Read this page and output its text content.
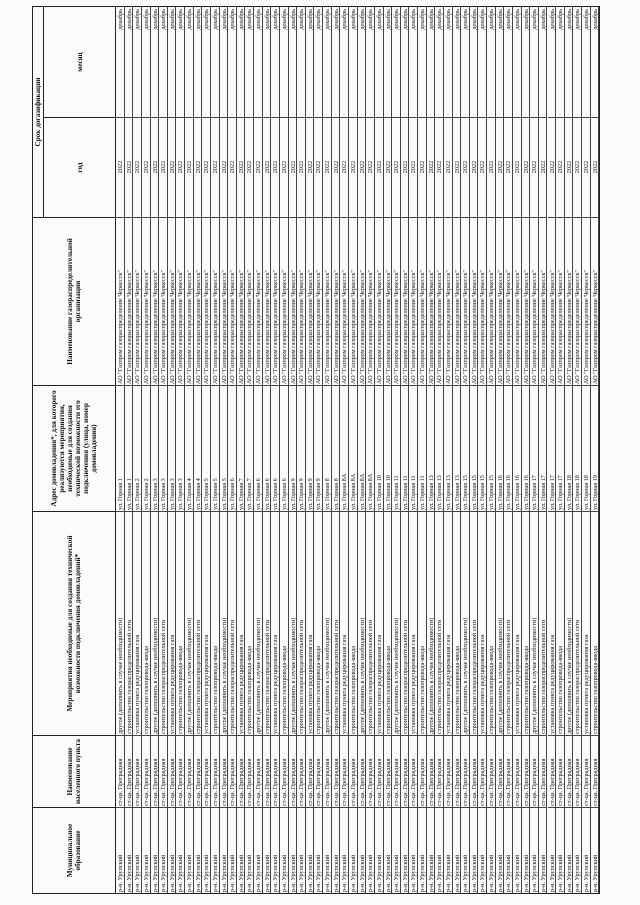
Муниципальное образование
Наименование населенного пункта
Мероприятия необходимые для создания технической возможности подключения домовладений*
Адрес домовладения*, для которого реализуются мероприятия, необходимые для создания технической возможности его подключения (улица, номер домовладения)
Наименование газораспределительной организации
Срок догазификации
год
месяц
р-н. Урупский
ст-ца. Преградная
другое (дополнить в случае необходимости)
ул. Горная 1
АО "Газпром газораспределение Черкесск"
2022
декабрь
р-н. Урупский
ст-ца. Преградная
строительство газораспределительной сети
ул. Горная 1
АО "Газпром газораспределение Черкесск"
2022
декабрь
р-н. Урупский
ст-ца. Преградная
установка пункта редуцирования газа
ул. Горная 2
АО "Газпром газораспределение Черкесск"
2022
декабрь
р-н. Урупский
ст-ца. Преградная
строительство газопровода-ввода
ул. Горная 2
АО "Газпром газораспределение Черкесск"
2022
декабрь
р-н. Урупский
ст-ца. Преградная
другое (дополнить в случае необходимости)
ул. Горная 3
АО "Газпром газораспределение Черкесск"
2022
декабрь
р-н. Урупский
ст-ца. Преградная
строительство газораспределительной сети
ул. Горная 3
АО "Газпром газораспределение Черкесск"
2022
декабрь
р-н. Урупский
ст-ца. Преградная
установка пункта редуцирования газа
ул. Горная 3
АО "Газпром газораспределение Черкесск"
2022
декабрь
р-н. Урупский
ст-ца. Преградная
строительство газопровода-ввода
ул. Горная 3
АО "Газпром газораспределение Черкесск"
2022
декабрь
р-н. Урупский
ст-ца. Преградная
другое (дополнить в случае необходимости)
ул. Горная 4
АО "Газпром газораспределение Черкесск"
2022
декабрь
р-н. Урупский
ст-ца. Преградная
строительство газораспределительной сети
ул. Горная 4
АО "Газпром газораспределение Черкесск"
2022
декабрь
р-н. Урупский
ст-ца. Преградная
установка пункта редуцирования газа
ул. Горная 5
АО "Газпром газораспределение Черкесск"
2022
декабрь
р-н. Урупский
ст-ца. Преградная
строительство газопровода-ввода
ул. Горная 5
АО "Газпром газораспределение Черкесск"
2022
декабрь
р-н. Урупский
ст-ца. Преградная
другое (дополнить в случае необходимости)
ул. Горная 5
АО "Газпром газораспределение Черкесск"
2022
декабрь
р-н. Урупский
ст-ца. Преградная
строительство газораспределительной сети
ул. Горная 6
АО "Газпром газораспределение Черкесск"
2022
декабрь
р-н. Урупский
ст-ца. Преградная
установка пункта редуцирования газа
ул. Горная 7
АО "Газпром газораспределение Черкесск"
2022
декабрь
р-н. Урупский
ст-ца. Преградная
строительство газопровода-ввода
ул. Горная 7
АО "Газпром газораспределение Черкесск"
2022
декабрь
р-н. Урупский
ст-ца. Преградная
другое (дополнить в случае необходимости)
ул. Горная 6
АО "Газпром газораспределение Черкесск"
2022
декабрь
р-н. Урупский
ст-ца. Преградная
строительство газораспределительной сети
ул. Горная 6
АО "Газпром газораспределение Черкесск"
2022
декабрь
р-н. Урупский
ст-ца. Преградная
установка пункта редуцирования газа
ул. Горная 6
АО "Газпром газораспределение Черкесск"
2022
декабрь
р-н. Урупский
ст-ца. Преградная
строительство газопровода-ввода
ул. Горная 6
АО "Газпром газораспределение Черкесск"
2022
декабрь
р-н. Урупский
ст-ца. Преградная
другое (дополнить в случае необходимости)
ул. Горная 9
АО "Газпром газораспределение Черкесск"
2022
декабрь
р-н. Урупский
ст-ца. Преградная
строительство газораспределительной сети
ул. Горная 9
АО "Газпром газораспределение Черкесск"
2022
декабрь
р-н. Урупский
ст-ца. Преградная
установка пункта редуцирования газа
ул. Горная 9
АО "Газпром газораспределение Черкесск"
2022
декабрь
р-н. Урупский
ст-ца. Преградная
строительство газопровода-ввода
ул. Горная 9
АО "Газпром газораспределение Черкесск"
2022
декабрь
р-н. Урупский
ст-ца. Преградная
другое (дополнить в случае необходимости)
ул. Горная 8
АО "Газпром газораспределение Черкесск"
2022
декабрь
р-н. Урупский
ст-ца. Преградная
строительство газораспределительной сети
ул. Горная 8
АО "Газпром газораспределение Черкесск"
2022
декабрь
р-н. Урупский
ст-ца. Преградная
установка пункта редуцирования газа
ул. Горная 8А
АО "Газпром газораспределение Черкесск"
2022
декабрь
р-н. Урупский
ст-ца. Преградная
строительство газопровода-ввода
ул. Горная 8А
АО "Газпром газораспределение Черкесск"
2022
декабрь
р-н. Урупский
ст-ца. Преградная
другое (дополнить в случае необходимости)
ул. Горная 8А
АО "Газпром газораспределение Черкесск"
2022
декабрь
р-н. Урупский
ст-ца. Преградная
строительство газораспределительной сети
ул. Горная 8А
АО "Газпром газораспределение Черкесск"
2022
декабрь
р-н. Урупский
ст-ца. Преградная
установка пункта редуцирования газа
ул. Горная 10
АО "Газпром газораспределение Черкесск"
2022
декабрь
р-н. Урупский
ст-ца. Преградная
строительство газопровода-ввода
ул. Горная 10
АО "Газпром газораспределение Черкесск"
2022
декабрь
р-н. Урупский
ст-ца. Преградная
другое (дополнить в случае необходимости)
ул. Горная 11
АО "Газпром газораспределение Черкесск"
2022
декабрь
р-н. Урупский
ст-ца. Преградная
строительство газораспределительной сети
ул. Горная 11
АО "Газпром газораспределение Черкесск"
2022
декабрь
р-н. Урупский
ст-ца. Преградная
установка пункта редуцирования газа
ул. Горная 11
АО "Газпром газораспределение Черкесск"
2022
декабрь
р-н. Урупский
ст-ца. Преградная
строительство газопровода-ввода
ул. Горная 11
АО "Газпром газораспределение Черкесск"
2022
декабрь
р-н. Урупский
ст-ца. Преградная
другое (дополнить в случае необходимости)
ул. Горная 13
АО "Газпром газораспределение Черкесск"
2022
декабрь
р-н. Урупский
ст-ца. Преградная
строительство газораспределительной сети
ул. Горная 13
АО "Газпром газораспределение Черкесск"
2022
декабрь
р-н. Урупский
ст-ца. Преградная
установка пункта редуцирования газа
ул. Горная 13
АО "Газпром газораспределение Черкесск"
2022
декабрь
р-н. Урупский
ст-ца. Преградная
строительство газопровода-ввода
ул. Горная 13
АО "Газпром газораспределение Черкесск"
2022
декабрь
р-н. Урупский
ст-ца. Преградная
другое (дополнить в случае необходимости)
ул. Горная 15
АО "Газпром газораспределение Черкесск"
2022
декабрь
р-н. Урупский
ст-ца. Преградная
строительство газораспределительной сети
ул. Горная 15
АО "Газпром газораспределение Черкесск"
2022
декабрь
р-н. Урупский
ст-ца. Преградная
установка пункта редуцирования газа
ул. Горная 15
АО "Газпром газораспределение Черкесск"
2022
декабрь
р-н. Урупский
ст-ца. Преградная
строительство газопровода-ввода
ул. Горная 15
АО "Газпром газораспределение Черкесск"
2022
декабрь
р-н. Урупский
ст-ца. Преградная
другое (дополнить в случае необходимости)
ул. Горная 16
АО "Газпром газораспределение Черкесск"
2022
декабрь
р-н. Урупский
ст-ца. Преградная
строительство газораспределительной сети
ул. Горная 16
АО "Газпром газораспределение Черкесск"
2022
декабрь
р-н. Урупский
ст-ца. Преградная
установка пункта редуцирования газа
ул. Горная 16
АО "Газпром газораспределение Черкесск"
2022
декабрь
р-н. Урупский
ст-ца. Преградная
строительство газопровода-ввода
ул. Горная 16
АО "Газпром газораспределение Черкесск"
2022
декабрь
р-н. Урупский
ст-ца. Преградная
другое (дополнить в случае необходимости)
ул. Горная 17
АО "Газпром газораспределение Черкесск"
2022
декабрь
р-н. Урупский
ст-ца. Преградная
строительство газораспределительной сети
ул. Горная 17
АО "Газпром газораспределение Черкесск"
2022
декабрь
р-н. Урупский
ст-ца. Преградная
установка пункта редуцирования газа
ул. Горная 17
АО "Газпром газораспределение Черкесск"
2022
декабрь
р-н. Урупский
ст-ца. Преградная
строительство газопровода-ввода
ул. Горная 17
АО "Газпром газораспределение Черкесск"
2022
декабрь
р-н. Урупский
ст-ца. Преградная
другое (дополнить в случае необходимости)
ул. Горная 18
АО "Газпром газораспределение Черкесск"
2022
декабрь
р-н. Урупский
ст-ца. Преградная
строительство газораспределительной сети
ул. Горная 18
АО "Газпром газораспределение Черкесск"
2022
декабрь
р-н. Урупский
ст-ца. Преградная
установка пункта редуцирования газа
ул. Горная 18
АО "Газпром газораспределение Черкесск"
2022
декабрь
р-н. Урупский
ст-ца. Преградная
строительство газопровода-ввода
ул. Горная 19
АО "Газпром газораспределение Черкесск"
2022
декабрь
